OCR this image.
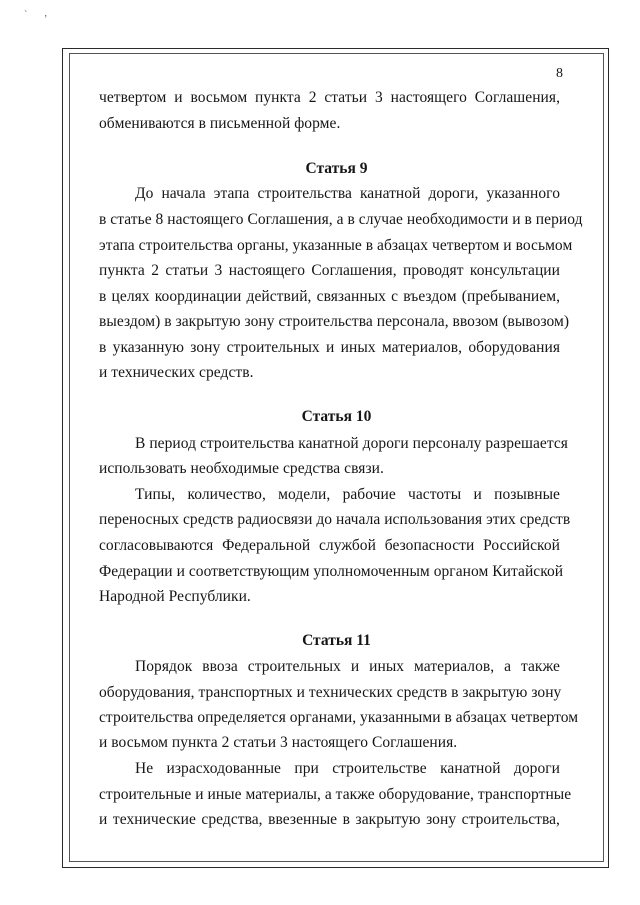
` ‚
8
четвертом и восьмом пункта 2 статьи 3 настоящего Соглашения,
обмениваются в письменной форме.
Статья 9
До начала этапа строительства канатной дороги, указанного
в статье 8 настоящего Соглашения, а в случае необходимости и в период
этапа строительства органы, указанные в абзацах четвертом и восьмом
пункта 2 статьи 3 настоящего Соглашения, проводят консультации
в целях координации действий, связанных с въездом (пребыванием,
выездом) в закрытую зону строительства персонала, ввозом (вывозом)
в указанную зону строительных и иных материалов, оборудования
и технических средств.
Статья 10
В период строительства канатной дороги персоналу разрешается
использовать необходимые средства связи.
Типы, количество, модели, рабочие частоты и позывные
переносных средств радиосвязи до начала использования этих средств
согласовываются Федеральной службой безопасности Российской
Федерации и соответствующим уполномоченным органом Китайской
Народной Республики.
Статья 11
Порядок ввоза строительных и иных материалов, а также
оборудования, транспортных и технических средств в закрытую зону
строительства определяется органами, указанными в абзацах четвертом
и восьмом пункта 2 статьи 3 настоящего Соглашения.
Не израсходованные при строительстве канатной дороги
строительные и иные материалы, а также оборудование, транспортные
и технические средства, ввезенные в закрытую зону строительства,
